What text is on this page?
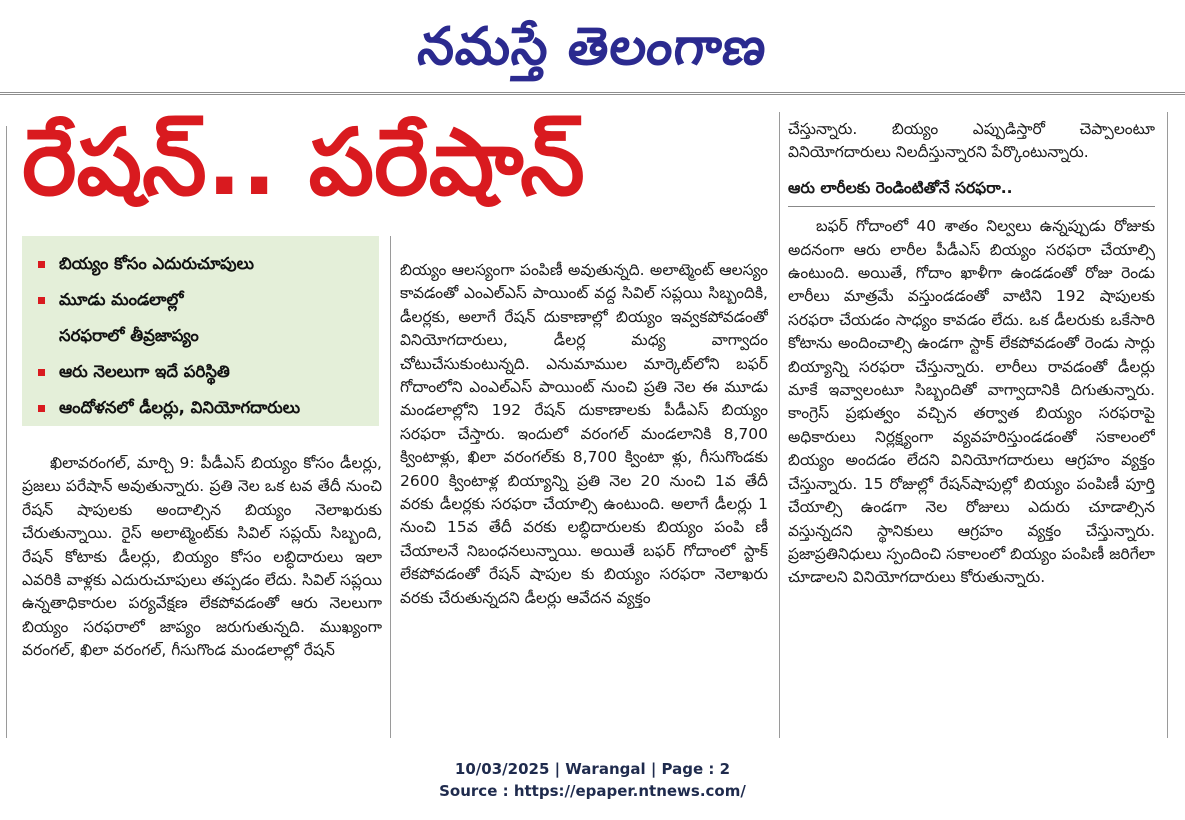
నమస్తే తెలంగాణ
రేషన్.. పరేషాన్
బియ్యం కోసం ఎదురుచూపులు
మూడు మండలాల్లో
సరఫరాలో తీవ్రజాప్యం
ఆరు నెలలుగా ఇదే పరిస్థితి
ఆందోళనలో డీలర్లు, వినియోగదారులు

ఖిలావరంగల్, మార్చి 9: పీడీఎస్ బియ్యం కోసం డీలర్లు, ప్రజలు పరేషాన్ అవుతున్నారు. ప్రతి నెల ఒక టవ తేదీ నుంచి రేషన్ షాపులకు అందాల్సిన బియ్యం నెలాఖరుకు చేరుతున్నాయి. రైస్ అలాట్మెంట్‌కు సివిల్ సప్లయ్ సిబ్బంది, రేషన్ కోటాకు డీలర్లు, బియ్యం కోసం లబ్ధిదారులు ఇలా ఎవరికి వాళ్లకు ఎదురుచూపులు తప్పడం లేదు. సివిల్ సప్లయి ఉన్నతాధికారుల పర్యవేక్షణ లేకపోవడంతో ఆరు నెలలుగా బియ్యం సరఫరాలో జాప్యం జరుగుతున్నది. ముఖ్యంగా వరంగల్, ఖిలా వరంగల్, గీసుగొండ మండలాల్లో రేషన్

బియ్యం ఆలస్యంగా పంపిణీ అవుతున్నది. అలాట్మెంట్ ఆలస్యం కావడంతో ఎంఎల్ఎస్ పాయింట్ వద్ద సివిల్ సప్లయి సిబ్బందికి, డీలర్లకు, అలాగే రేషన్ దుకాణాల్లో బియ్యం ఇవ్వకపోవడంతో వినియోగదారులు, డీలర్ల మధ్య వాగ్వాదం చోటుచేసుకుంటున్నది. ఎనుమాముల మార్కెట్‌లోని బఫర్ గోదాంలోని ఎంఎల్ఎస్ పాయింట్ నుంచి ప్రతి నెల ఈ మూడు మండలాల్లోని 192 రేషన్ దుకాణాలకు పీడీఎస్ బియ్యం సరఫరా చేస్తారు. ఇందులో వరంగల్ మండలానికి 8,700 క్వింటాళ్లు, ఖిలా వరంగల్‌కు 8,700 క్వింటా ళ్లు, గీసుగొండకు 2600 క్వింటాళ్ల బియ్యాన్ని ప్రతి నెల 20 నుంచి 1వ తేదీ వరకు డీలర్లకు సరఫరా చేయాల్సి ఉంటుంది. అలాగే డీలర్లు 1 నుంచి 15వ తేదీ వరకు లబ్ధిదారులకు బియ్యం పంపి ణీ చేయాలనే నిబంధనలున్నాయి. అయితే బఫర్ గోదాంలో స్టాక్ లేకపోవడంతో రేషన్ షాపుల కు బియ్యం సరఫరా నెలాఖరు వరకు చేరుతున్నదని డీలర్లు ఆవేదన వ్యక్తం

చేస్తున్నారు. బియ్యం ఎప్పుడిస్తారో చెప్పాలంటూ వినియోగదారులు నిలదీస్తున్నారని పేర్కొంటున్నారు.

ఆరు లారీలకు రెండింటితోనే సరఫరా..

బఫర్ గోదాంలో 40 శాతం నిల్వలు ఉన్నప్పుడు రోజుకు అదనంగా ఆరు లారీల పీడీఎస్ బియ్యం సరఫరా చేయాల్సి ఉంటుంది. అయితే, గోదాం ఖాళీగా ఉండడంతో రోజు రెండు లారీలు మాత్రమే వస్తుండడంతో వాటిని 192 షాపులకు సరఫరా చేయడం సాధ్యం కావడం లేదు. ఒక డీలరుకు ఒకేసారి కోటాను అందించాల్సి ఉండగా స్టాక్ లేకపోవడంతో రెండు సార్లు బియ్యాన్ని సరఫరా చేస్తున్నారు. లారీలు రావడంతో డీలర్లు మాకే ఇవ్వాలంటూ సిబ్బందితో వాగ్వాదానికి దిగుతున్నారు. కాంగ్రెస్ ప్రభుత్వం వచ్చిన తర్వాత బియ్యం సరఫరాపై అధికారులు నిర్లక్ష్యంగా వ్యవహరిస్తుండడంతో సకాలంలో బియ్యం అందడం లేదని వినియోగదారులు ఆగ్రహం వ్యక్తం చేస్తున్నారు. 15 రోజుల్లో రేషన్‌షాపుల్లో బియ్యం పంపిణీ పూర్తి చేయాల్సి ఉండగా నెల రోజులు ఎదురు చూడాల్సిన వస్తున్నదని స్థానికులు ఆగ్రహం వ్యక్తం చేస్తున్నారు. ప్రజాప్రతినిధులు స్పందించి సకాలంలో బియ్యం పంపిణీ జరిగేలా చూడాలని వినియోగదారులు కోరుతున్నారు.

10/03/2025 | Warangal | Page : 2
Source : https://epaper.ntnews.com/
